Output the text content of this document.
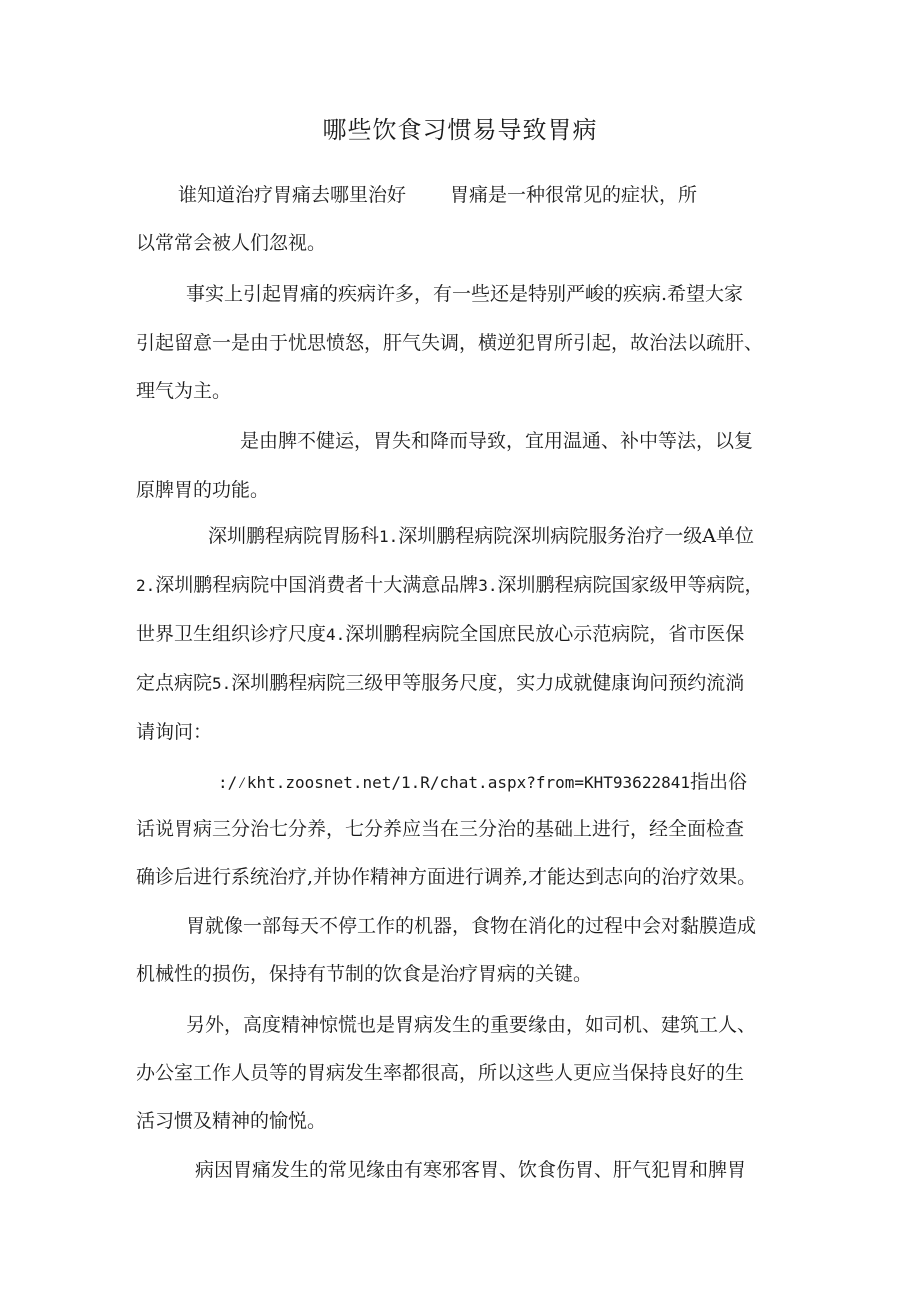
哪些饮食习惯易导致胃病
谁知道治疗胃痛去哪里治好 胃痛是一种很常见的症状，所
以常常会被人们忽视。
事实上引起胃痛的疾病许多，有一些还是特别严峻的疾病.希望大家
引起留意一是由于忧思愤怒，肝气失调，横逆犯胃所引起，故治法以疏肝、
理气为主。
是由脾不健运，胃失和降而导致，宜用温通、补中等法，以复
原脾胃的功能。
深圳鹏程病院胃肠科1.深圳鹏程病院深圳病院服务治疗一级A单位
2.深圳鹏程病院中国消费者十大满意品牌3.深圳鹏程病院国家级甲等病院，
世界卫生组织诊疗尺度4.深圳鹏程病院全国庶民放心示范病院，省市医保
定点病院5.深圳鹏程病院三级甲等服务尺度，实力成就健康询问预约流淌
请询问：
:/⁄kht.zoosnet.net/1.R/chat.aspx?from=KHT93622841指出俗
话说胃病三分治七分养，七分养应当在三分治的基础上进行，经全面检查
确诊后进行系统治疗,并协作精神方面进行调养,才能达到志向的治疗效果。
胃就像一部每天不停工作的机器，食物在消化的过程中会对黏膜造成
机械性的损伤，保持有节制的饮食是治疗胃病的关键。
另外，高度精神惊慌也是胃病发生的重要缘由，如司机、建筑工人、
办公室工作人员等的胃病发生率都很高，所以这些人更应当保持良好的生
活习惯及精神的愉悦。
病因胃痛发生的常见缘由有寒邪客胃、饮食伤胃、肝气犯胃和脾胃
